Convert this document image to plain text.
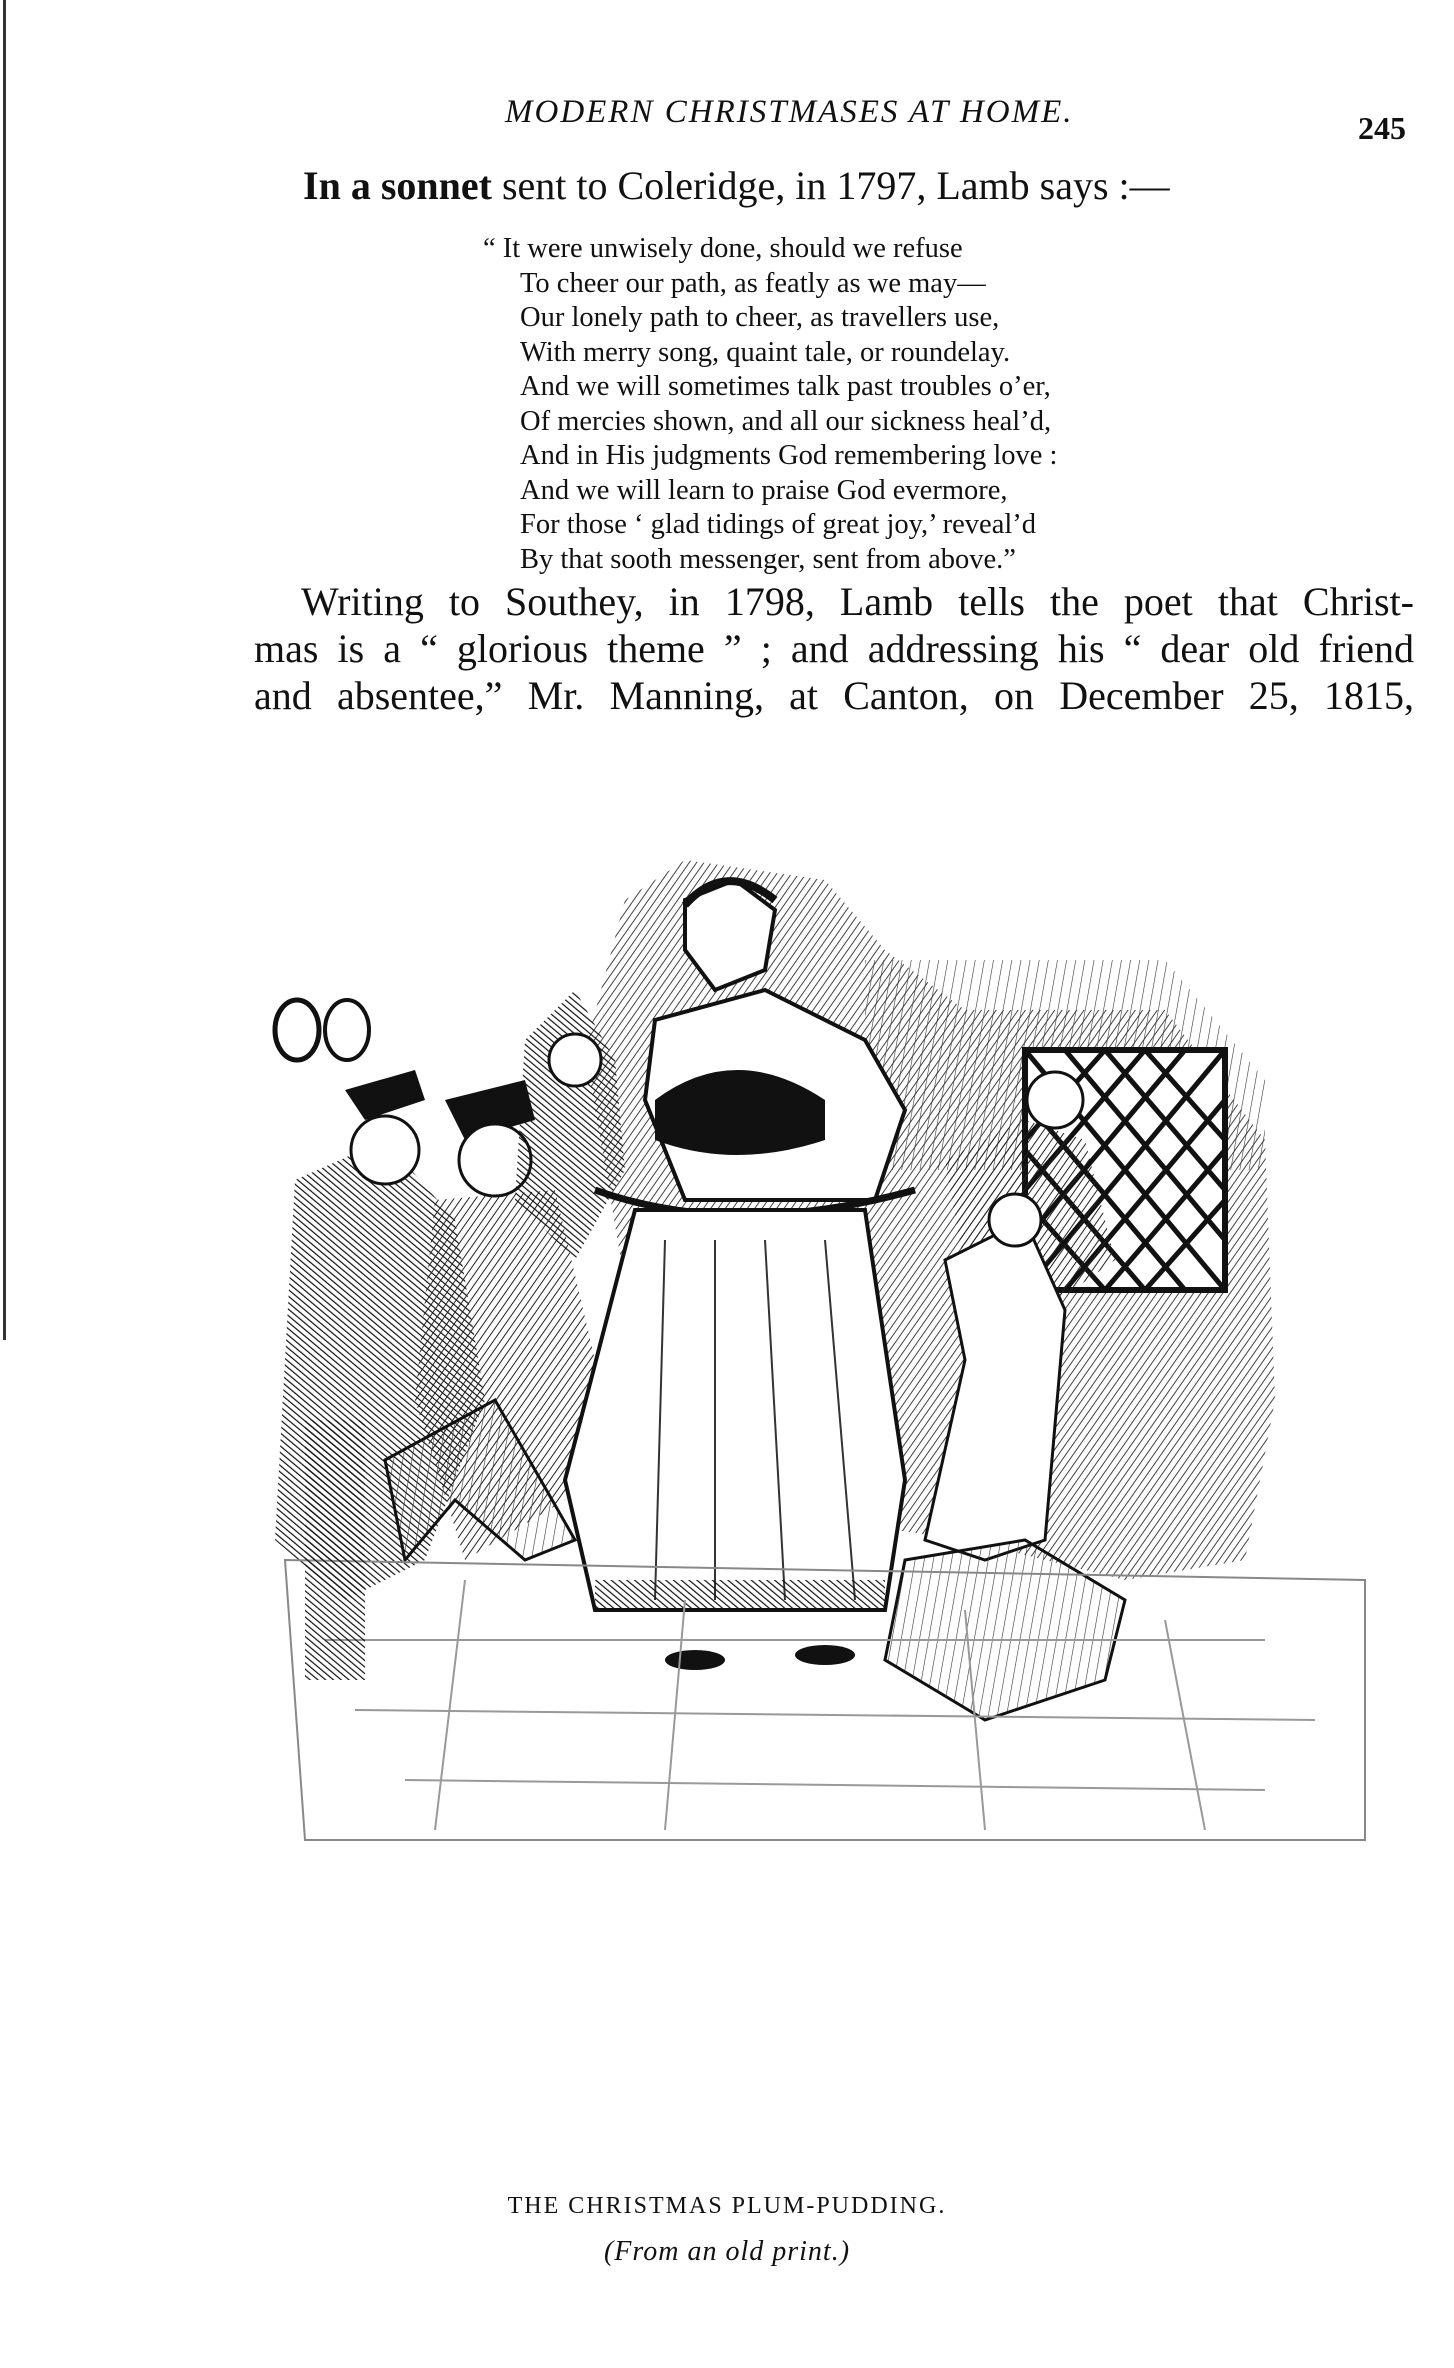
MODERN CHRISTMASES AT HOME.	245
In a sonnet sent to Coleridge, in 1797, Lamb says :—
“ It were unwisely done, should we refuse
To cheer our path, as featly as we may—
Our lonely path to cheer, as travellers use,
With merry song, quaint tale, or roundelay.
And we will sometimes talk past troubles o’er,
Of mercies shown, and all our sickness heal’d,
And in His judgments God remembering love :
And we will learn to praise God evermore,
For those ‘ glad tidings of great joy,’ reveal’d
By that sooth messenger, sent from above.”
Writing to Southey, in 1798, Lamb tells the poet that Christ-
mas is a “ glorious theme ” ; and addressing his “ dear old friend
and absentee,” Mr. Manning, at Canton, on December 25, 1815,
THE CHRISTMAS PLUM-PUDDING.
(From an old print.)
